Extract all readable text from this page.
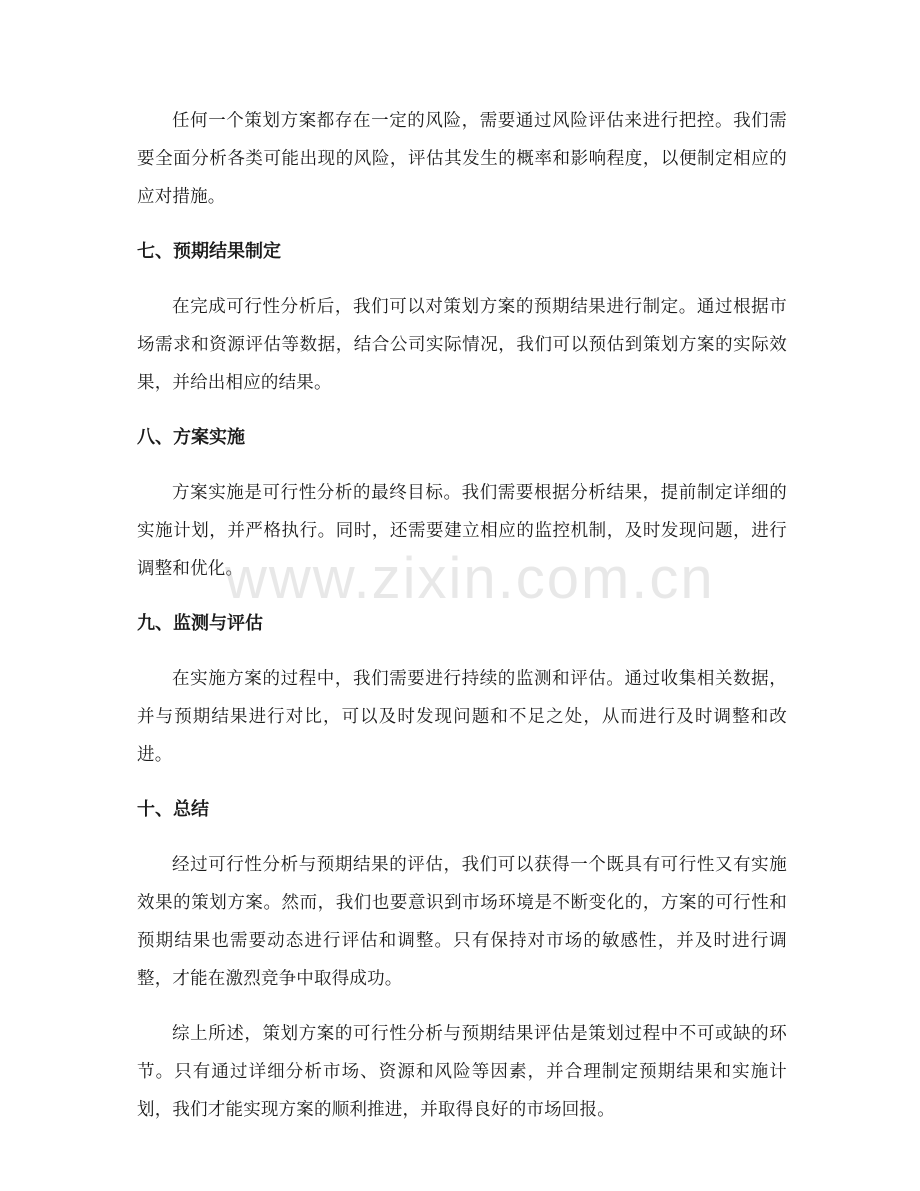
任何一个策划方案都存在一定的风险，需要通过风险评估来进行把控。我们需要全面分析各类可能出现的风险，评估其发生的概率和影响程度，以便制定相应的应对措施。

七、预期结果制定

在完成可行性分析后，我们可以对策划方案的预期结果进行制定。通过根据市场需求和资源评估等数据，结合公司实际情况，我们可以预估到策划方案的实际效果，并给出相应的结果。

八、方案实施

方案实施是可行性分析的最终目标。我们需要根据分析结果，提前制定详细的实施计划，并严格执行。同时，还需要建立相应的监控机制，及时发现问题，进行调整和优化。

九、监测与评估

在实施方案的过程中，我们需要进行持续的监测和评估。通过收集相关数据，并与预期结果进行对比，可以及时发现问题和不足之处，从而进行及时调整和改进。

十、总结

经过可行性分析与预期结果的评估，我们可以获得一个既具有可行性又有实施效果的策划方案。然而，我们也要意识到市场环境是不断变化的，方案的可行性和预期结果也需要动态进行评估和调整。只有保持对市场的敏感性，并及时进行调整，才能在激烈竞争中取得成功。

综上所述，策划方案的可行性分析与预期结果评估是策划过程中不可或缺的环节。只有通过详细分析市场、资源和风险等因素，并合理制定预期结果和实施计划，我们才能实现方案的顺利推进，并取得良好的市场回报。

www.zixin.com.cn
